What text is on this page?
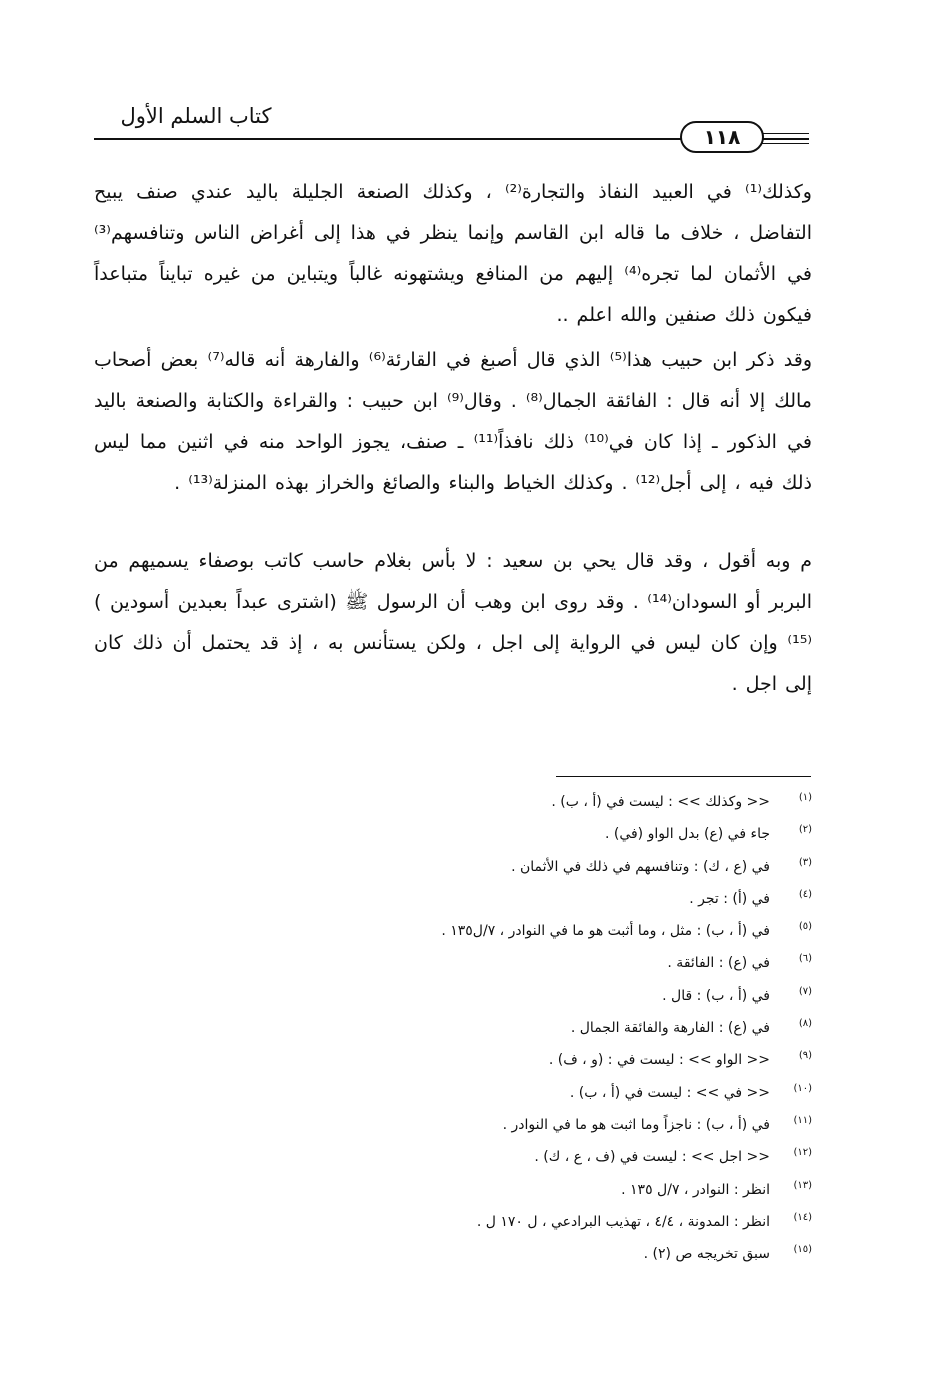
كتاب السلم الأول
١١٨

وكذلك⁽¹⁾ في العبيد النفاذ والتجارة⁽²⁾ ، وكذلك الصنعة الجليلة باليد عندي صنف يبيح التفاضل ، خلاف ما قاله ابن القاسم وإنما ينظر في هذا إلى أغراض الناس وتنافسهم⁽³⁾ في الأثمان لما تجره⁽⁴⁾ إليهم من المنافع ويشتهونه غالباً ويتباين من غيره تبايناً متباعداً فيكون ذلك صنفين والله اعلم ..

وقد ذكر ابن حبيب هذا⁽⁵⁾ الذي قال أصبغ في القارئة⁽⁶⁾ والفارهة أنه قاله⁽⁷⁾ بعض أصحاب مالك إلا أنه قال : الفائقة الجمال⁽⁸⁾ . وقال⁽⁹⁾ ابن حبيب : والقراءة والكتابة والصنعة باليد في الذكور ـ إذا كان في⁽¹⁰⁾ ذلك نافذاً⁽¹¹⁾ ـ صنف، يجوز الواحد منه في اثنين مما ليس ذلك فيه ، إلى أجل⁽¹²⁾ . وكذلك الخياط والبناء والصائغ والخراز بهذه المنزلة⁽¹³⁾ .

م وبه أقول ، وقد قال يحي بن سعيد : لا بأس بغلام حاسب كاتب بوصفاء يسميهم من البربر أو السودان⁽¹⁴⁾ . وقد روى ابن وهب أن الرسول ﷺ (اشترى عبداً بعبدين أسودين )⁽¹⁵⁾ وإن كان ليس في الرواية إلى اجل ، ولكن يستأنس به ، إذ قد يحتمل أن ذلك كان إلى اجل .

(١)<< وكذلك >> : ليست في (أ ، ب) .
(٢)جاء في (ع) بدل الواو (في) .
(٣)في (ع ، ك) : وتنافسهم في ذلك في الأثمان .
(٤)في (أ) : تجر .
(٥)في (أ ، ب) : مثل ، وما أثبت هو ما في النوادر ، ٧/ل١٣٥ .
(٦)في (ع) : الفائقة .
(٧)في (أ ، ب) : قال .
(٨)في (ع) : الفارهة والفائقة الجمال .
(٩)<< الواو >> : ليست في : (و ، ف) .
(١٠)<< في >> : ليست في (أ ، ب) .
(١١)في (أ ، ب) : ناجزاً وما اثبت هو ما في النوادر .
(١٢)<< اجل >> : ليست في (ف ، ع ، ك) .
(١٣)انظر : النوادر ، ٧/ل ١٣٥ .
(١٤)انظر : المدونة ، ٤/٤ ، تهذيب البرادعي ، ل ١٧٠ ل .
(١٥)سبق تخريجه ص (٢) .
